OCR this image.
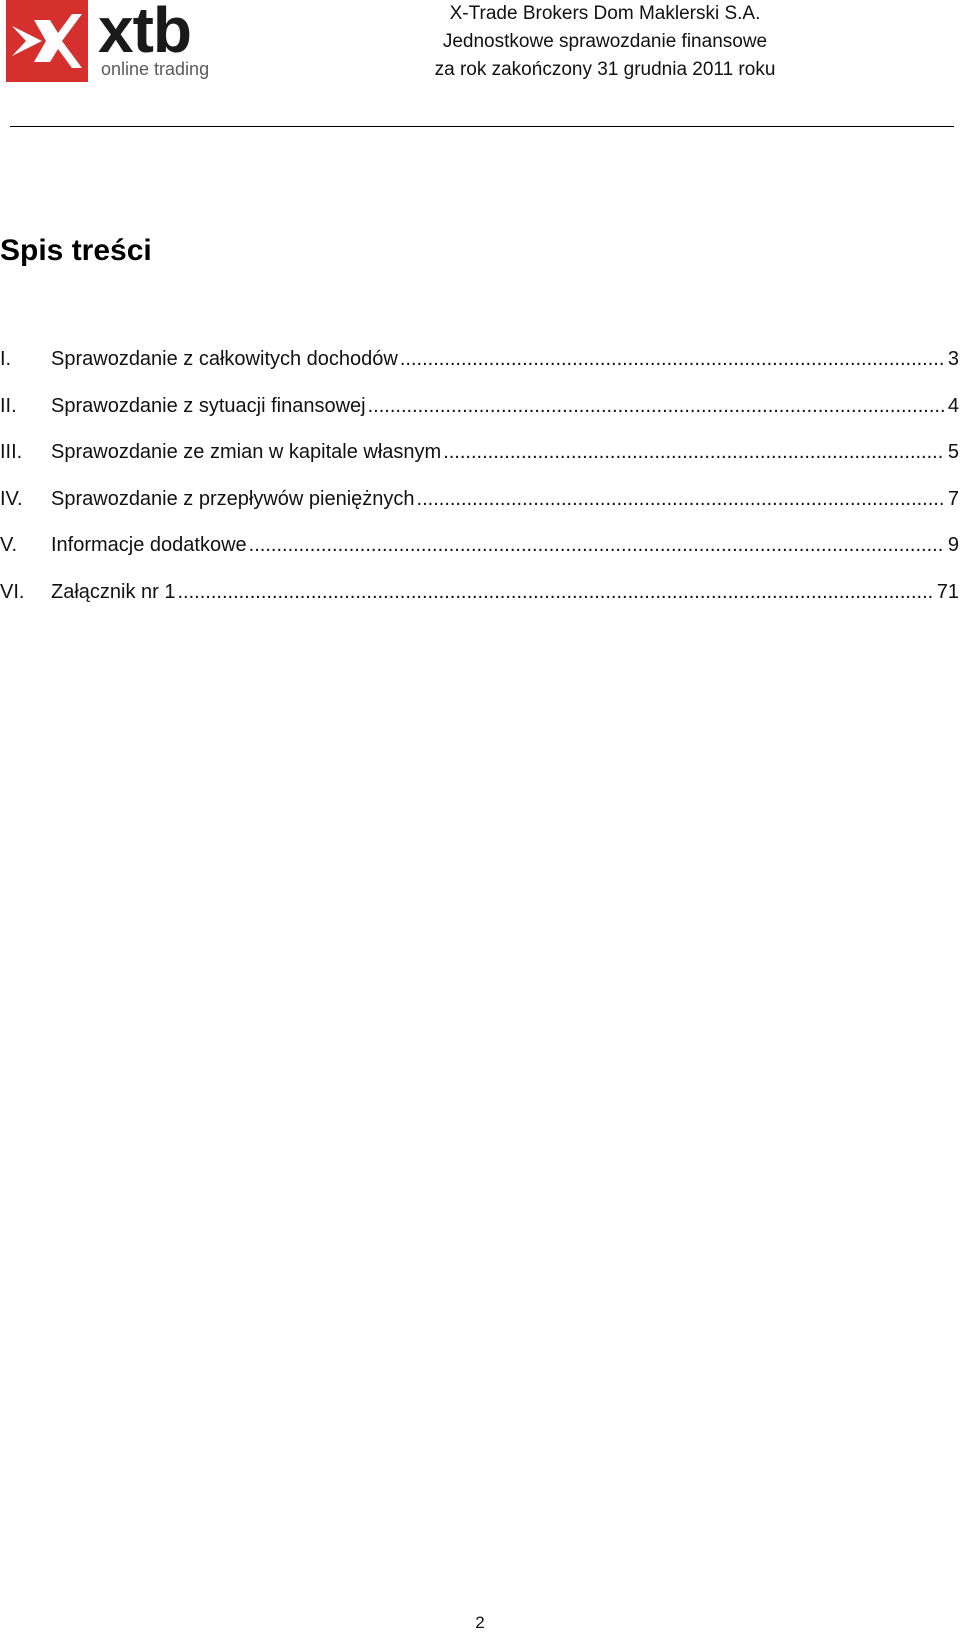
xtb
online trading
X-Trade Brokers Dom Maklerski S.A.
Jednostkowe sprawozdanie finansowe
za rok zakończony 31 grudnia 2011 roku
Spis treści
I.	Sprawozdanie z całkowitych dochodów .....	3
II.	Sprawozdanie z sytuacji finansowej .....	4
III.	Sprawozdanie ze zmian w kapitale własnym .....	5
IV.	Sprawozdanie z przepływów pieniężnych .....	7
V.	Informacje dodatkowe .....	9
VI.	Załącznik nr 1 .....	71
2
